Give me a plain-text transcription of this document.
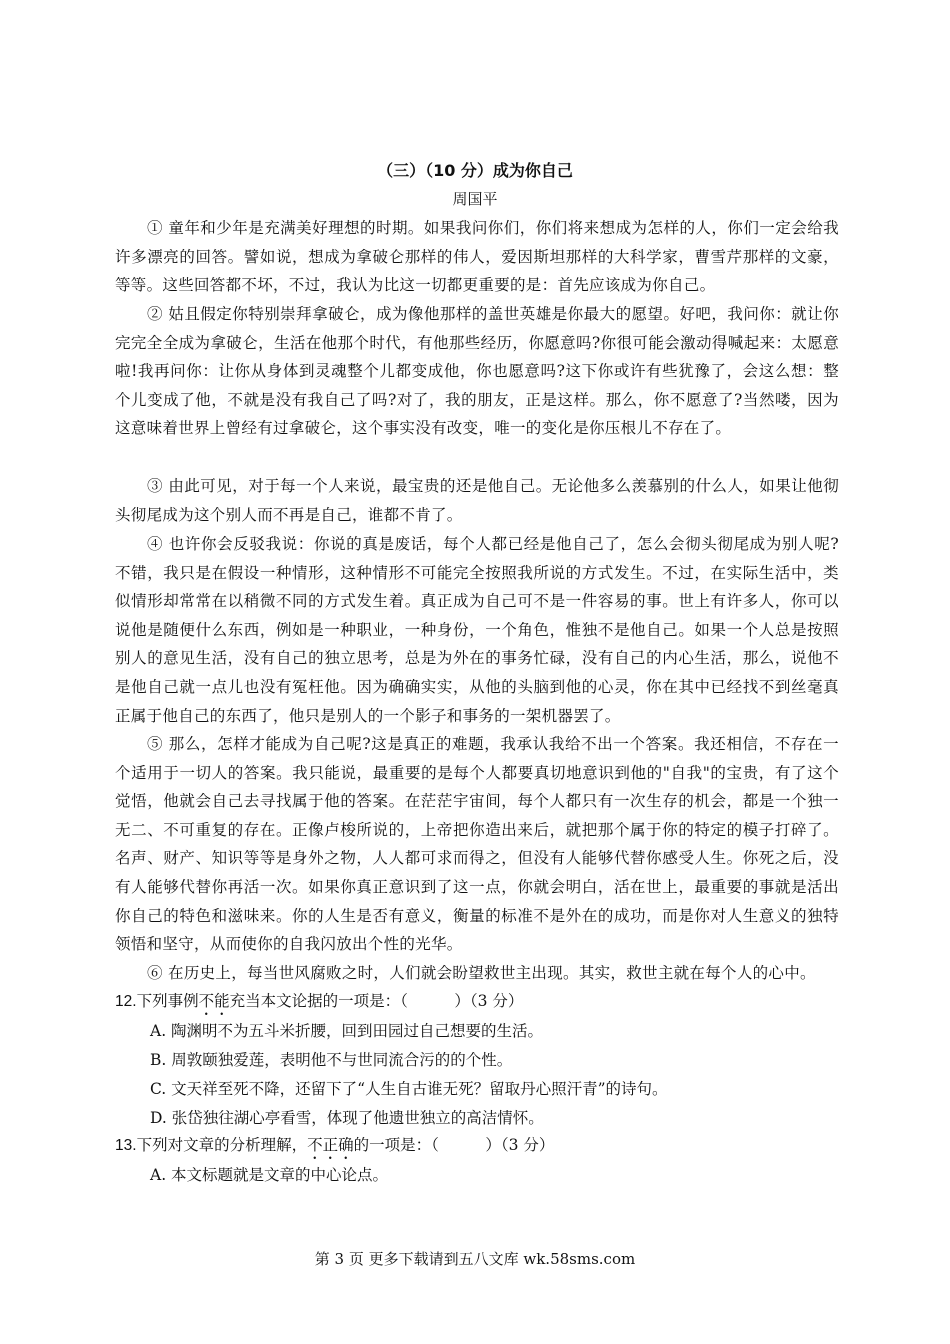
（三）（10 分）成为你自己
周国平

① 童年和少年是充满美好理想的时期。如果我问你们，你们将来想成为怎样的人，你们一定会给我许多漂亮的回答。譬如说，想成为拿破仑那样的伟人，爱因斯坦那样的大科学家，曹雪芹那样的文豪，等等。这些回答都不坏，不过，我认为比这一切都更重要的是：首先应该成为你自己。

② 姑且假定你特别崇拜拿破仑，成为像他那样的盖世英雄是你最大的愿望。好吧，我问你：就让你完完全全成为拿破仑，生活在他那个时代，有他那些经历，你愿意吗?你很可能会激动得喊起来：太愿意啦!我再问你：让你从身体到灵魂整个儿都变成他，你也愿意吗?这下你或许有些犹豫了，会这么想：整个儿变成了他，不就是没有我自己了吗?对了，我的朋友，正是这样。那么，你不愿意了?当然喽，因为这意味着世界上曾经有过拿破仑，这个事实没有改变，唯一的变化是你压根儿不存在了。

③ 由此可见，对于每一个人来说，最宝贵的还是他自己。无论他多么羡慕别的什么人，如果让他彻头彻尾成为这个别人而不再是自己，谁都不肯了。

④ 也许你会反驳我说：你说的真是废话，每个人都已经是他自己了，怎么会彻头彻尾成为别人呢?不错，我只是在假设一种情形，这种情形不可能完全按照我所说的方式发生。不过，在实际生活中，类似情形却常常在以稍微不同的方式发生着。真正成为自己可不是一件容易的事。世上有许多人，你可以说他是随便什么东西，例如是一种职业，一种身份，一个角色，惟独不是他自己。如果一个人总是按照别人的意见生活，没有自己的独立思考，总是为外在的事务忙碌，没有自己的内心生活，那么，说他不是他自己就一点儿也没有冤枉他。因为确确实实，从他的头脑到他的心灵，你在其中已经找不到丝毫真正属于他自己的东西了，他只是别人的一个影子和事务的一架机器罢了。

⑤ 那么，怎样才能成为自己呢?这是真正的难题，我承认我给不出一个答案。我还相信，不存在一个适用于一切人的答案。我只能说，最重要的是每个人都要真切地意识到他的"自我"的宝贵，有了这个觉悟，他就会自己去寻找属于他的答案。在茫茫宇宙间，每个人都只有一次生存的机会，都是一个独一无二、不可重复的存在。正像卢梭所说的，上帝把你造出来后，就把那个属于你的特定的模子打碎了。名声、财产、知识等等是身外之物，人人都可求而得之，但没有人能够代替你感受人生。你死之后，没有人能够代替你再活一次。如果你真正意识到了这一点，你就会明白，活在世上，最重要的事就是活出你自己的特色和滋味来。你的人生是否有意义，衡量的标准不是外在的成功，而是你对人生意义的独特领悟和坚守，从而使你的自我闪放出个性的光华。

⑥ 在历史上，每当世风腐败之时，人们就会盼望救世主出现。其实，救世主就在每个人的心中。

12.下列事例不能充当本文论据的一项是：（　　　）（3 分）
A. 陶渊明不为五斗米折腰，回到田园过自己想要的生活。
B. 周敦颐独爱莲，表明他不与世同流合污的的个性。
C. 文天祥至死不降，还留下了“人生自古谁无死？留取丹心照汗青”的诗句。
D. 张岱独往湖心亭看雪，体现了他遗世独立的高洁情怀。
13.下列对文章的分析理解，不正确的一项是：（　　　）（3 分）
A. 本文标题就是文章的中心论点。
第 3 页 更多下载请到五八文库 wk.58sms.com
